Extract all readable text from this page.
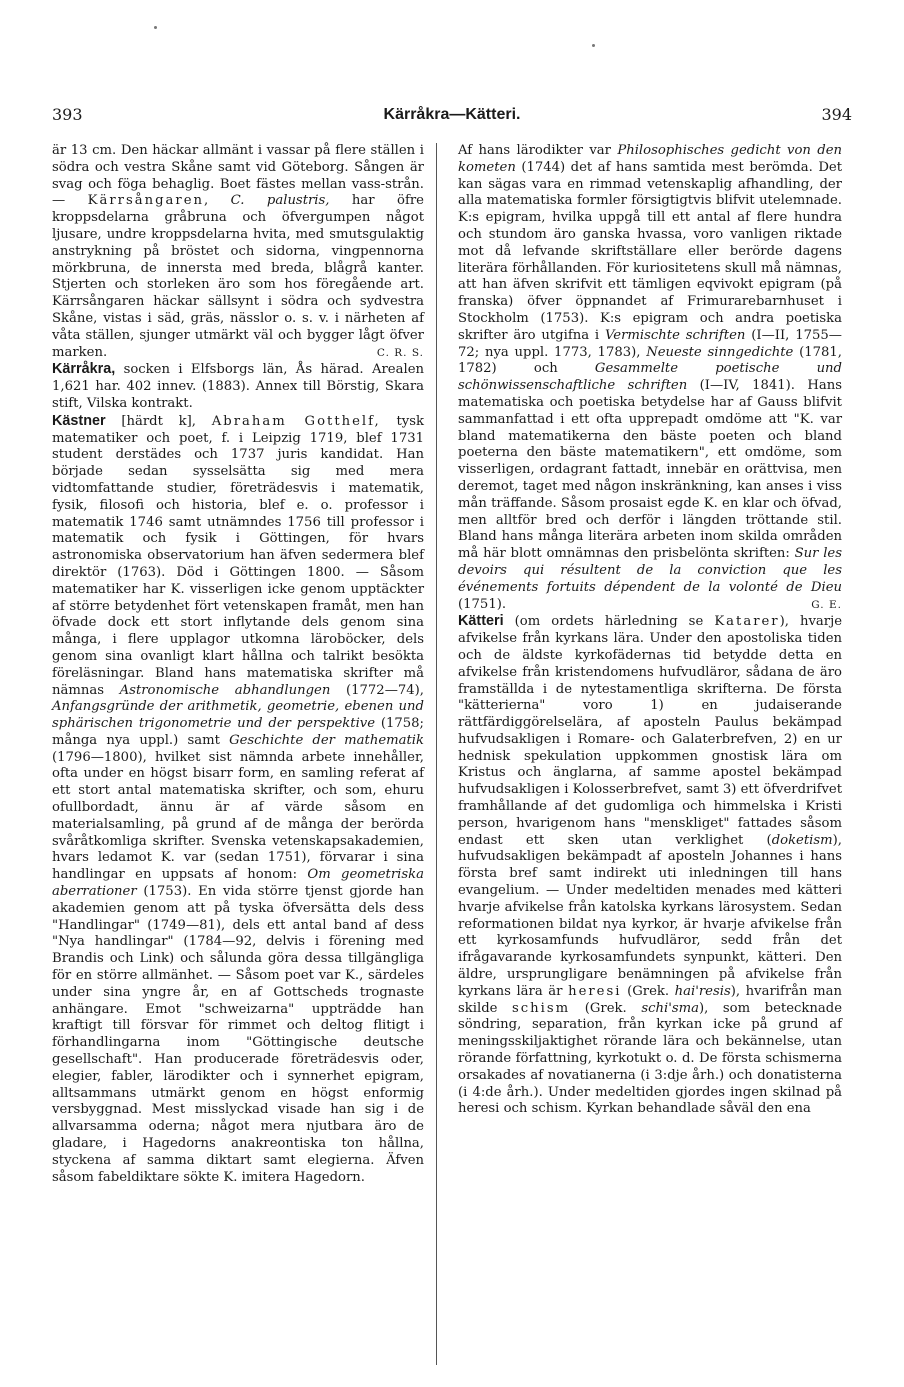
393	Kärråkra—Kätteri.	394

är 13 cm. Den häckar allmänt i vassar på flere ställen i södra och vestra Skåne samt vid Göteborg. Sången är svag och föga behaglig. Boet fästes mellan vass-strån. — Kärrsångaren, C. palustris, har öfre kroppsdelarna gråbruna och öfvergumpen något ljusare, undre kroppsdelarna hvita, med smutsgulaktig anstrykning på bröstet och sidorna, vingpennorna mörkbruna, de innersta med breda, blågrå kanter. Stjerten och storleken äro som hos föregående art. Kärrsångaren häckar sällsynt i södra och sydvestra Skåne, vistas i säd, gräs, nässlor o. s. v. i närheten af våta ställen, sjunger utmärkt väl och bygger lågt öfver marken.	C. R. S.

Kärråkra, socken i Elfsborgs län, Ås härad. Arealen 1,621 har. 402 innev. (1883). Annex till Börstig, Skara stift, Vilska kontrakt.

Kästner [härdt k], Abraham Gotthelf, tysk matematiker och poet, f. i Leipzig 1719, blef 1731 student derstädes och 1737 juris kandidat. Han började sedan sysselsätta sig med mera vidtomfattande studier, företrädesvis i matematik, fysik, filosofi och historia, blef e. o. professor i matematik 1746 samt utnämndes 1756 till professor i matematik och fysik i Göttingen, för hvars astronomiska observatorium han äfven sedermera blef direktör (1763). Död i Göttingen 1800. — Såsom matematiker har K. visserligen icke genom upptäckter af större betydenhet fört vetenskapen framåt, men han öfvade dock ett stort inflytande dels genom sina många, i flere upplagor utkomna läroböcker, dels genom sina ovanligt klart hållna och talrikt besökta föreläsningar. Bland hans matematiska skrifter må nämnas Astronomische abhandlungen (1772—74), Anfangsgründe der arithmetik, geometrie, ebenen und sphärischen trigonometrie und der perspektive (1758; många nya uppl.) samt Geschichte der mathematik (1796—1800), hvilket sist nämnda arbete innehåller, ofta under en högst bisarr form, en samling referat af ett stort antal matematiska skrifter, och som, ehuru ofullbordadt, ännu är af värde såsom en materialsamling, på grund af de många der berörda svåråtkomliga skrifter. Svenska vetenskapsakademien, hvars ledamot K. var (sedan 1751), förvarar i sina handlingar en uppsats af honom: Om geometriska aberrationer (1753). En vida större tjenst gjorde han akademien genom att på tyska öfversätta dels dess "Handlingar" (1749—81), dels ett antal band af dess "Nya handlingar" (1784—92, delvis i förening med Brandis och Link) och sålunda göra dessa tillgängliga för en större allmänhet. — Såsom poet var K., särdeles under sina yngre år, en af Gottscheds trognaste anhängare. Emot "schweizarna" uppträdde han kraftigt till försvar för rimmet och deltog flitigt i förhandlingarna inom "Göttingische deutsche gesellschaft". Han producerade företrädesvis oder, elegier, fabler, lärodikter och i synnerhet epigram, alltsammans utmärkt genom en högst enformig versbyggnad. Mest misslyckad visade han sig i de allvarsamma oderna; något mera njutbara äro de gladare, i Hagedorns anakreontiska ton hållna, styckena af samma diktart samt elegierna. Äfven såsom fabeldiktare sökte K. imitera Hagedorn.

Af hans lärodikter var Philosophisches gedicht von den kometen (1744) det af hans samtida mest berömda. Det kan sägas vara en rimmad vetenskaplig afhandling, der alla matematiska formler försigtigtvis blifvit utelemnade. K:s epigram, hvilka uppgå till ett antal af flere hundra och stundom äro ganska hvassa, voro vanligen riktade mot då lefvande skriftställare eller berörde dagens literära förhållanden. För kuriositetens skull må nämnas, att han äfven skrifvit ett tämligen eqvivokt epigram (på franska) öfver öppnandet af Frimurarebarnhuset i Stockholm (1753). K:s epigram och andra poetiska skrifter äro utgifna i Vermischte schriften (I—II, 1755—72; nya uppl. 1773, 1783), Neueste sinngedichte (1781, 1782) och Gesammelte poetische und schönwissenschaftliche schriften (I—IV, 1841). Hans matematiska och poetiska betydelse har af Gauss blifvit sammanfattad i ett ofta upprepadt omdöme att "K. var bland matematikerna den bäste poeten och bland poeterna den bäste matematikern", ett omdöme, som visserligen, ordagrant fattadt, innebär en orättvisa, men deremot, taget med någon inskränkning, kan anses i viss mån träffande. Såsom prosaist egde K. en klar och öfvad, men alltför bred och derför i längden tröttande stil. Bland hans många literära arbeten inom skilda områden må här blott omnämnas den prisbelönta skriften: Sur les devoirs qui résultent de la conviction que les événements fortuits dépendent de la volonté de Dieu (1751).	G. E.

Kätteri (om ordets härledning se Katarer), hvarje afvikelse från kyrkans lära. Under den apostoliska tiden och de äldste kyrkofädernas tid betydde detta en afvikelse från kristendomens hufvudläror, sådana de äro framställda i de nytestamentliga skrifterna. De första "kätterierna" voro 1) en judaiserande rättfärdiggörelselära, af aposteln Paulus bekämpad hufvudsakligen i Romare- och Galaterbrefven, 2) en ur hednisk spekulation uppkommen gnostisk lära om Kristus och änglarna, af samme apostel bekämpad hufvudsakligen i Kolosserbrefvet, samt 3) ett öfverdrifvet framhållande af det gudomliga och himmelska i Kristi person, hvarigenom hans "menskliget" fattades såsom endast ett sken utan verklighet (doketism), hufvudsakligen bekämpadt af aposteln Johannes i hans första bref samt indirekt uti inledningen till hans evangelium. — Under medeltiden menades med kätteri hvarje afvikelse från katolska kyrkans lärosystem. Sedan reformationen bildat nya kyrkor, är hvarje afvikelse från ett kyrkosamfunds hufvudläror, sedd från det ifrågavarande kyrkosamfundets synpunkt, kätteri. Den äldre, ursprungligare benämningen på afvikelse från kyrkans lära är heresi (Grek. hai'resis), hvarifrån man skilde schism (Grek. schi'sma), som betecknade söndring, separation, från kyrkan icke på grund af meningsskiljaktighet rörande lära och bekännelse, utan rörande författning, kyrkotukt o. d. De första schismerna orsakades af novatianerna (i 3:dje årh.) och donatisterna (i 4:de årh.). Under medeltiden gjordes ingen skilnad på heresi och schism. Kyrkan behandlade såväl den ena
